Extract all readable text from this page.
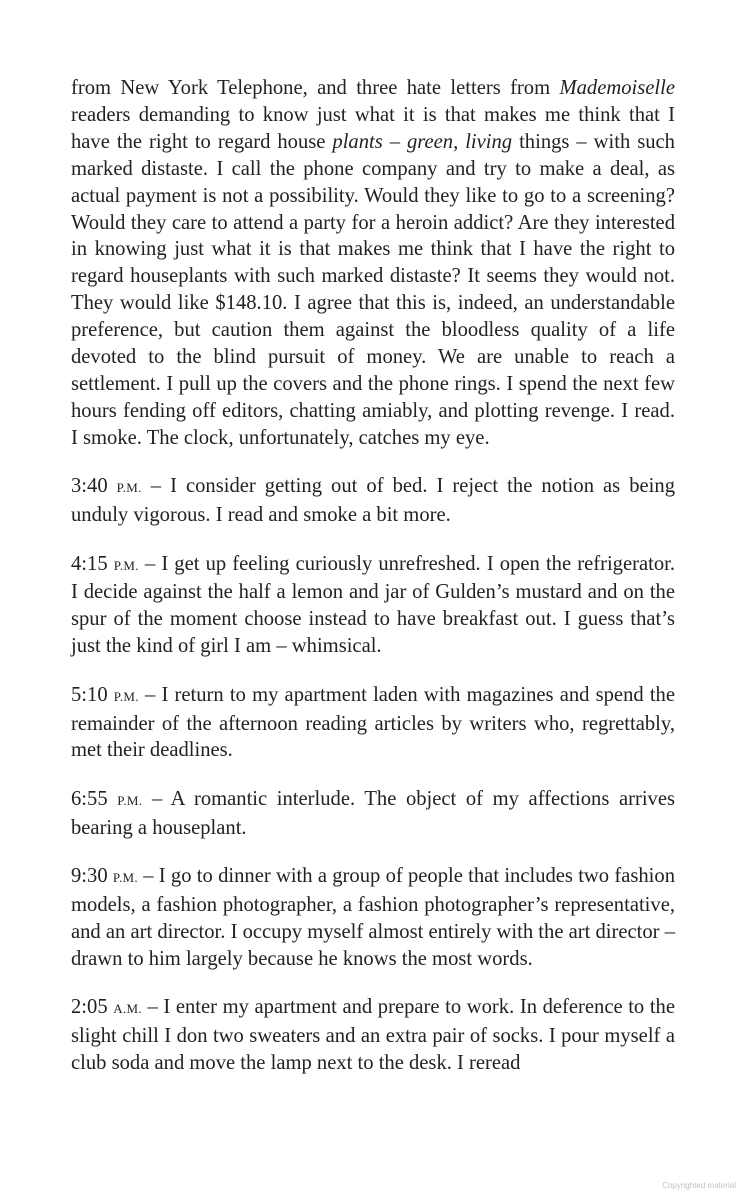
from New York Telephone, and three hate letters from Mademoiselle readers demanding to know just what it is that makes me think that I have the right to regard house plants – green, living things – with such marked distaste. I call the phone company and try to make a deal, as actual payment is not a possibility. Would they like to go to a screening? Would they care to attend a party for a heroin addict? Are they interested in knowing just what it is that makes me think that I have the right to regard houseplants with such marked distaste? It seems they would not. They would like $148.10. I agree that this is, indeed, an understandable preference, but caution them against the bloodless quality of a life devoted to the blind pursuit of money. We are unable to reach a settlement. I pull up the covers and the phone rings. I spend the next few hours fending off editors, chatting amiably, and plotting revenge. I read. I smoke. The clock, unfortunately, catches my eye.

3:40 P.M. – I consider getting out of bed. I reject the notion as being unduly vigorous. I read and smoke a bit more.

4:15 P.M. – I get up feeling curiously unrefreshed. I open the refrigerator. I decide against the half a lemon and jar of Gulden’s mustard and on the spur of the moment choose instead to have breakfast out. I guess that’s just the kind of girl I am – whimsical.

5:10 P.M. – I return to my apartment laden with magazines and spend the remainder of the afternoon reading articles by writers who, regrettably, met their deadlines.

6:55 P.M. – A romantic interlude. The object of my affections arrives bearing a houseplant.

9:30 P.M. – I go to dinner with a group of people that includes two fashion models, a fashion photographer, a fashion photographer’s representative, and an art director. I occupy myself almost entirely with the art director – drawn to him largely because he knows the most words.

2:05 A.M. – I enter my apartment and prepare to work. In deference to the slight chill I don two sweaters and an extra pair of socks. I pour myself a club soda and move the lamp next to the desk. I reread

Copyrighted material
